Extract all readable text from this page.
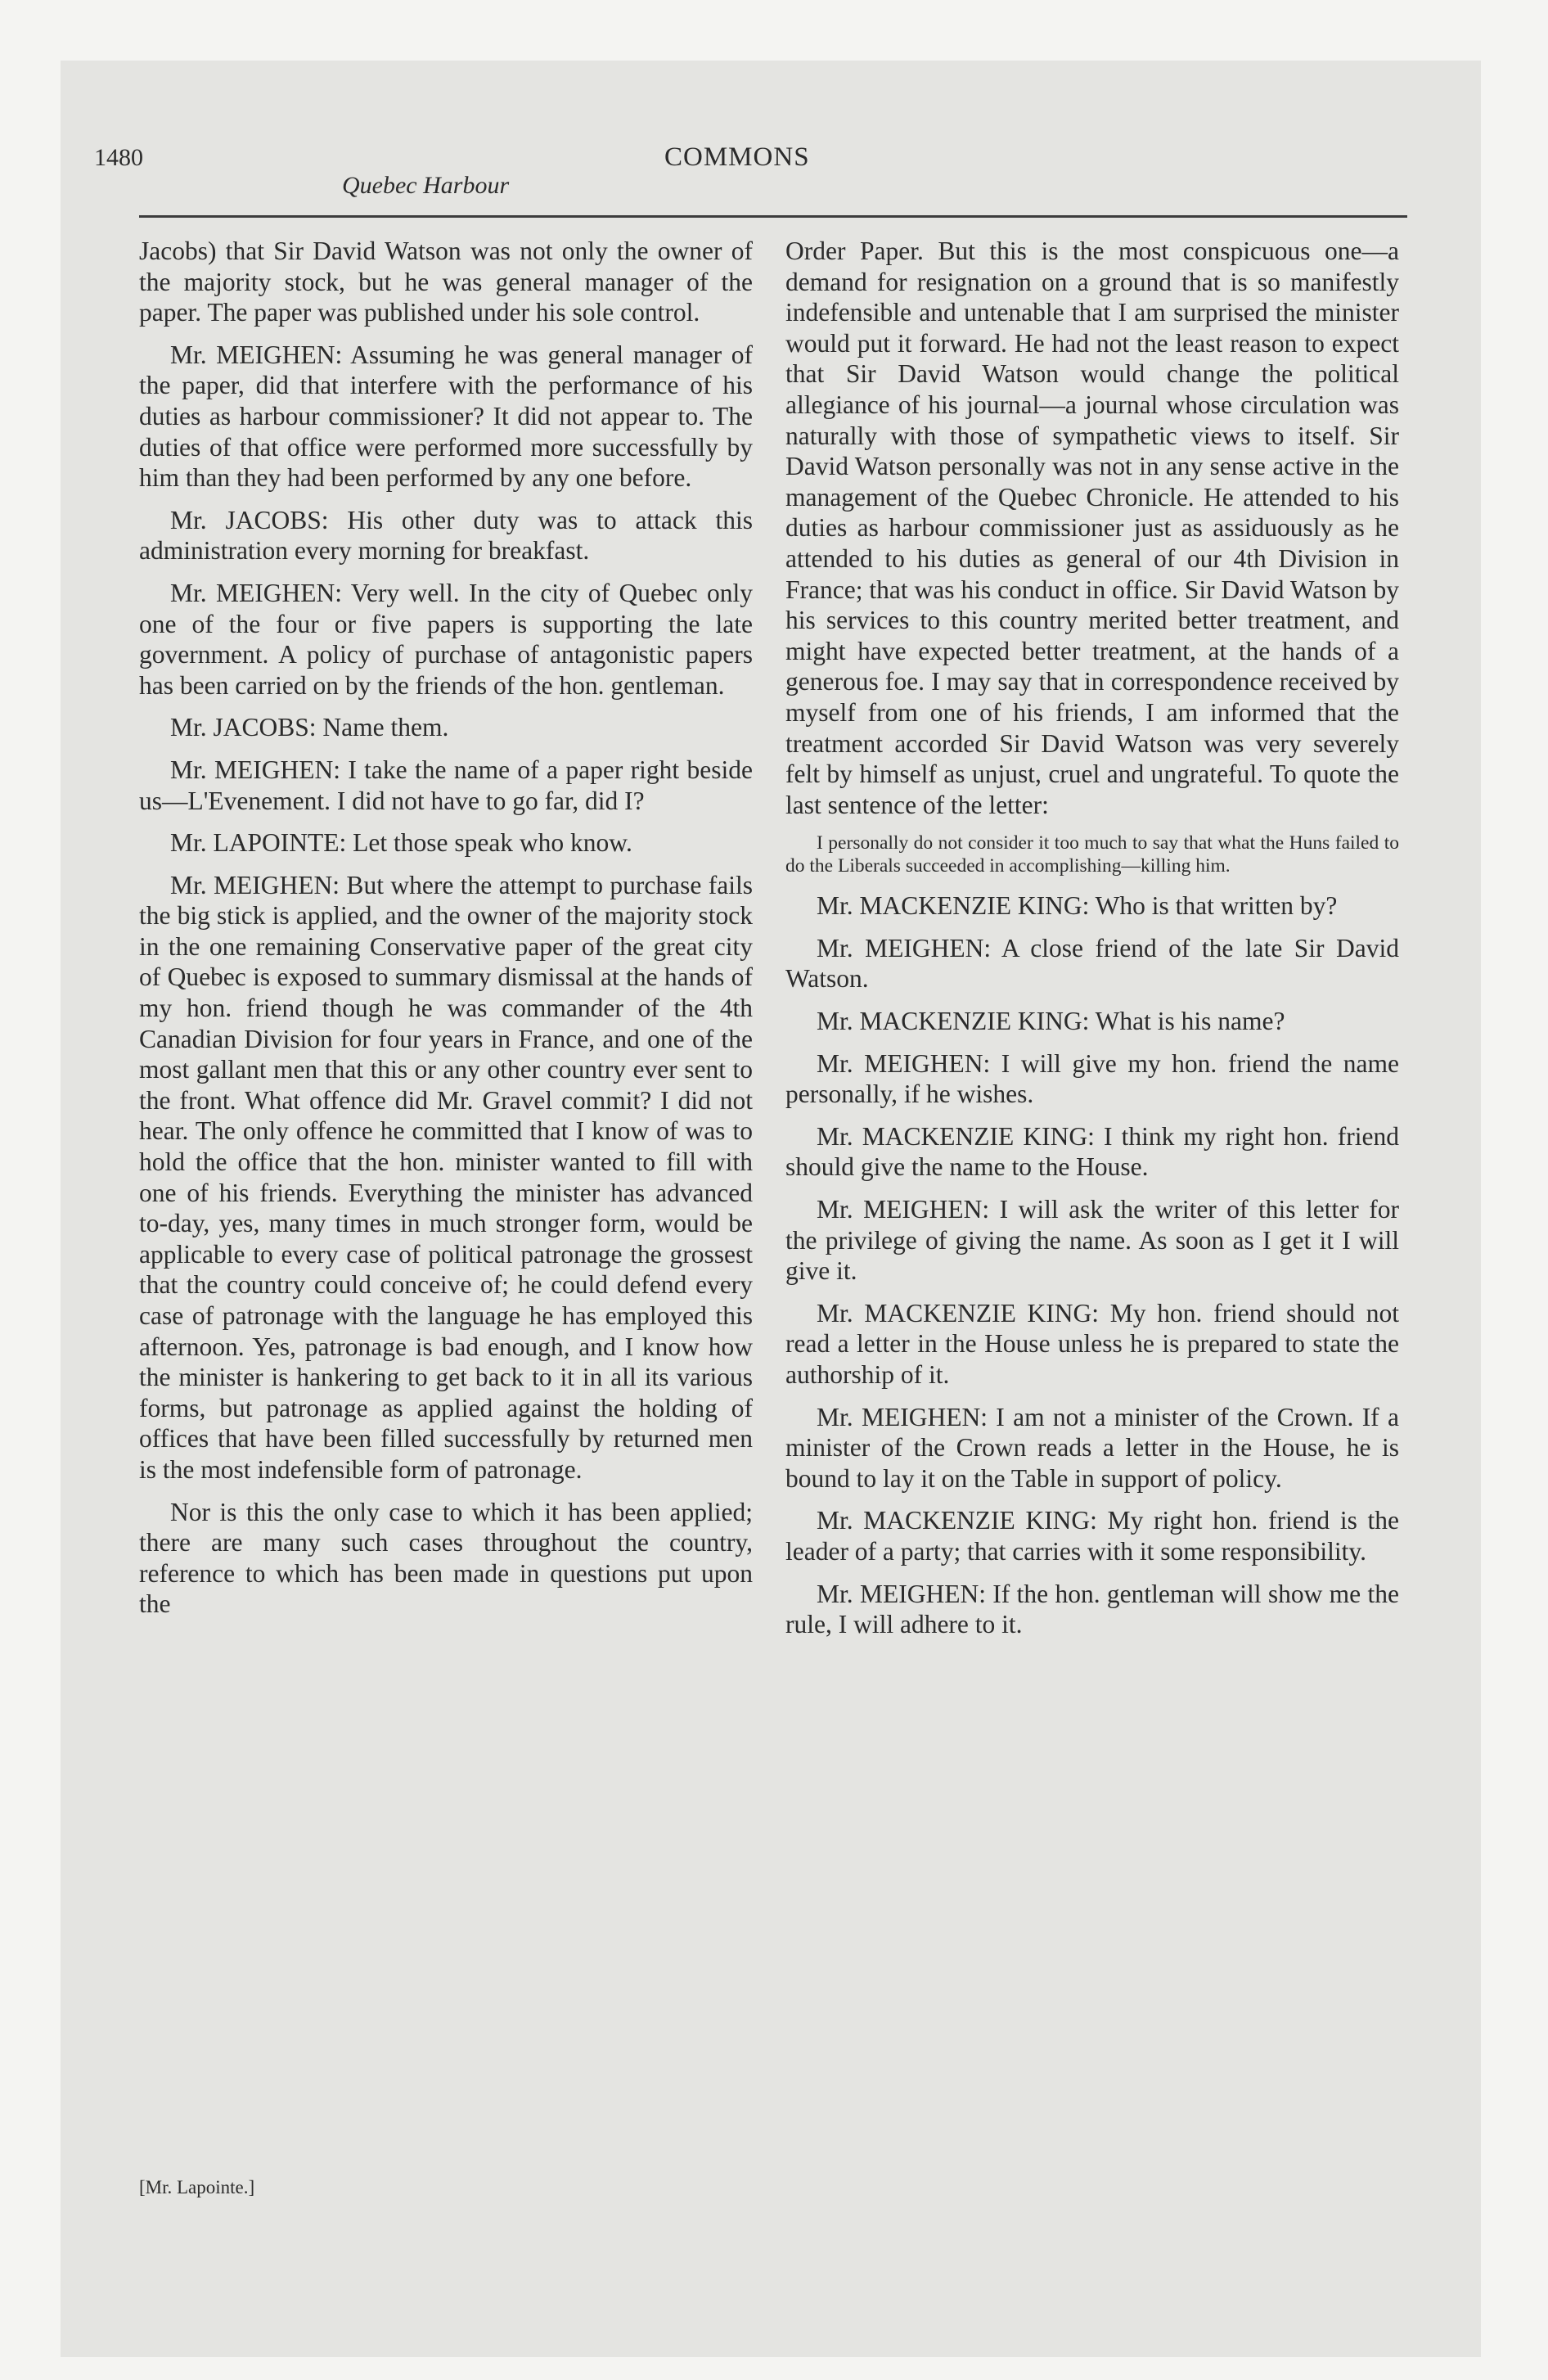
1480	COMMONS
Quebec Harbour

Jacobs) that Sir David Watson was not only the owner of the majority stock, but he was general manager of the paper. The paper was published under his sole control.

Mr. MEIGHEN: Assuming he was general manager of the paper, did that interfere with the performance of his duties as harbour commissioner? It did not appear to. The duties of that office were performed more successfully by him than they had been performed by any one before.

Mr. JACOBS: His other duty was to attack this administration every morning for breakfast.

Mr. MEIGHEN: Very well. In the city of Quebec only one of the four or five papers is supporting the late government. A policy of purchase of antagonistic papers has been carried on by the friends of the hon. gentleman.

Mr. JACOBS: Name them.

Mr. MEIGHEN: I take the name of a paper right beside us—L'Evenement. I did not have to go far, did I?

Mr. LAPOINTE: Let those speak who know.

Mr. MEIGHEN: But where the attempt to purchase fails the big stick is applied, and the owner of the majority stock in the one remaining Conservative paper of the great city of Quebec is exposed to summary dismissal at the hands of my hon. friend though he was commander of the 4th Canadian Division for four years in France, and one of the most gallant men that this or any other country ever sent to the front. What offence did Mr. Gravel commit? I did not hear. The only offence he committed that I know of was to hold the office that the hon. minister wanted to fill with one of his friends. Everything the minister has advanced to-day, yes, many times in much stronger form, would be applicable to every case of political patronage the grossest that the country could conceive of; he could defend every case of patronage with the language he has employed this afternoon. Yes, patronage is bad enough, and I know how the minister is hankering to get back to it in all its various forms, but patronage as applied against the holding of offices that have been filled successfully by returned men is the most indefensible form of patronage.

Nor is this the only case to which it has been applied; there are many such cases throughout the country, reference to which has been made in questions put upon the

Order Paper. But this is the most conspicuous one—a demand for resignation on a ground that is so manifestly indefensible and untenable that I am surprised the minister would put it forward. He had not the least reason to expect that Sir David Watson would change the political allegiance of his journal—a journal whose circulation was naturally with those of sympathetic views to itself. Sir David Watson personally was not in any sense active in the management of the Quebec Chronicle. He attended to his duties as harbour commissioner just as assiduously as he attended to his duties as general of our 4th Division in France; that was his conduct in office. Sir David Watson by his services to this country merited better treatment, and might have expected better treatment, at the hands of a generous foe. I may say that in correspondence received by myself from one of his friends, I am informed that the treatment accorded Sir David Watson was very severely felt by himself as unjust, cruel and ungrateful. To quote the last sentence of the letter:

I personally do not consider it too much to say that what the Huns failed to do the Liberals succeeded in accomplishing—killing him.

Mr. MACKENZIE KING: Who is that written by?

Mr. MEIGHEN: A close friend of the late Sir David Watson.

Mr. MACKENZIE KING: What is his name?

Mr. MEIGHEN: I will give my hon. friend the name personally, if he wishes.

Mr. MACKENZIE KING: I think my right hon. friend should give the name to the House.

Mr. MEIGHEN: I will ask the writer of this letter for the privilege of giving the name. As soon as I get it I will give it.

Mr. MACKENZIE KING: My hon. friend should not read a letter in the House unless he is prepared to state the authorship of it.

Mr. MEIGHEN: I am not a minister of the Crown. If a minister of the Crown reads a letter in the House, he is bound to lay it on the Table in support of policy.

Mr. MACKENZIE KING: My right hon. friend is the leader of a party; that carries with it some responsibility.

Mr. MEIGHEN: If the hon. gentleman will show me the rule, I will adhere to it.

[Mr. Lapointe.]
